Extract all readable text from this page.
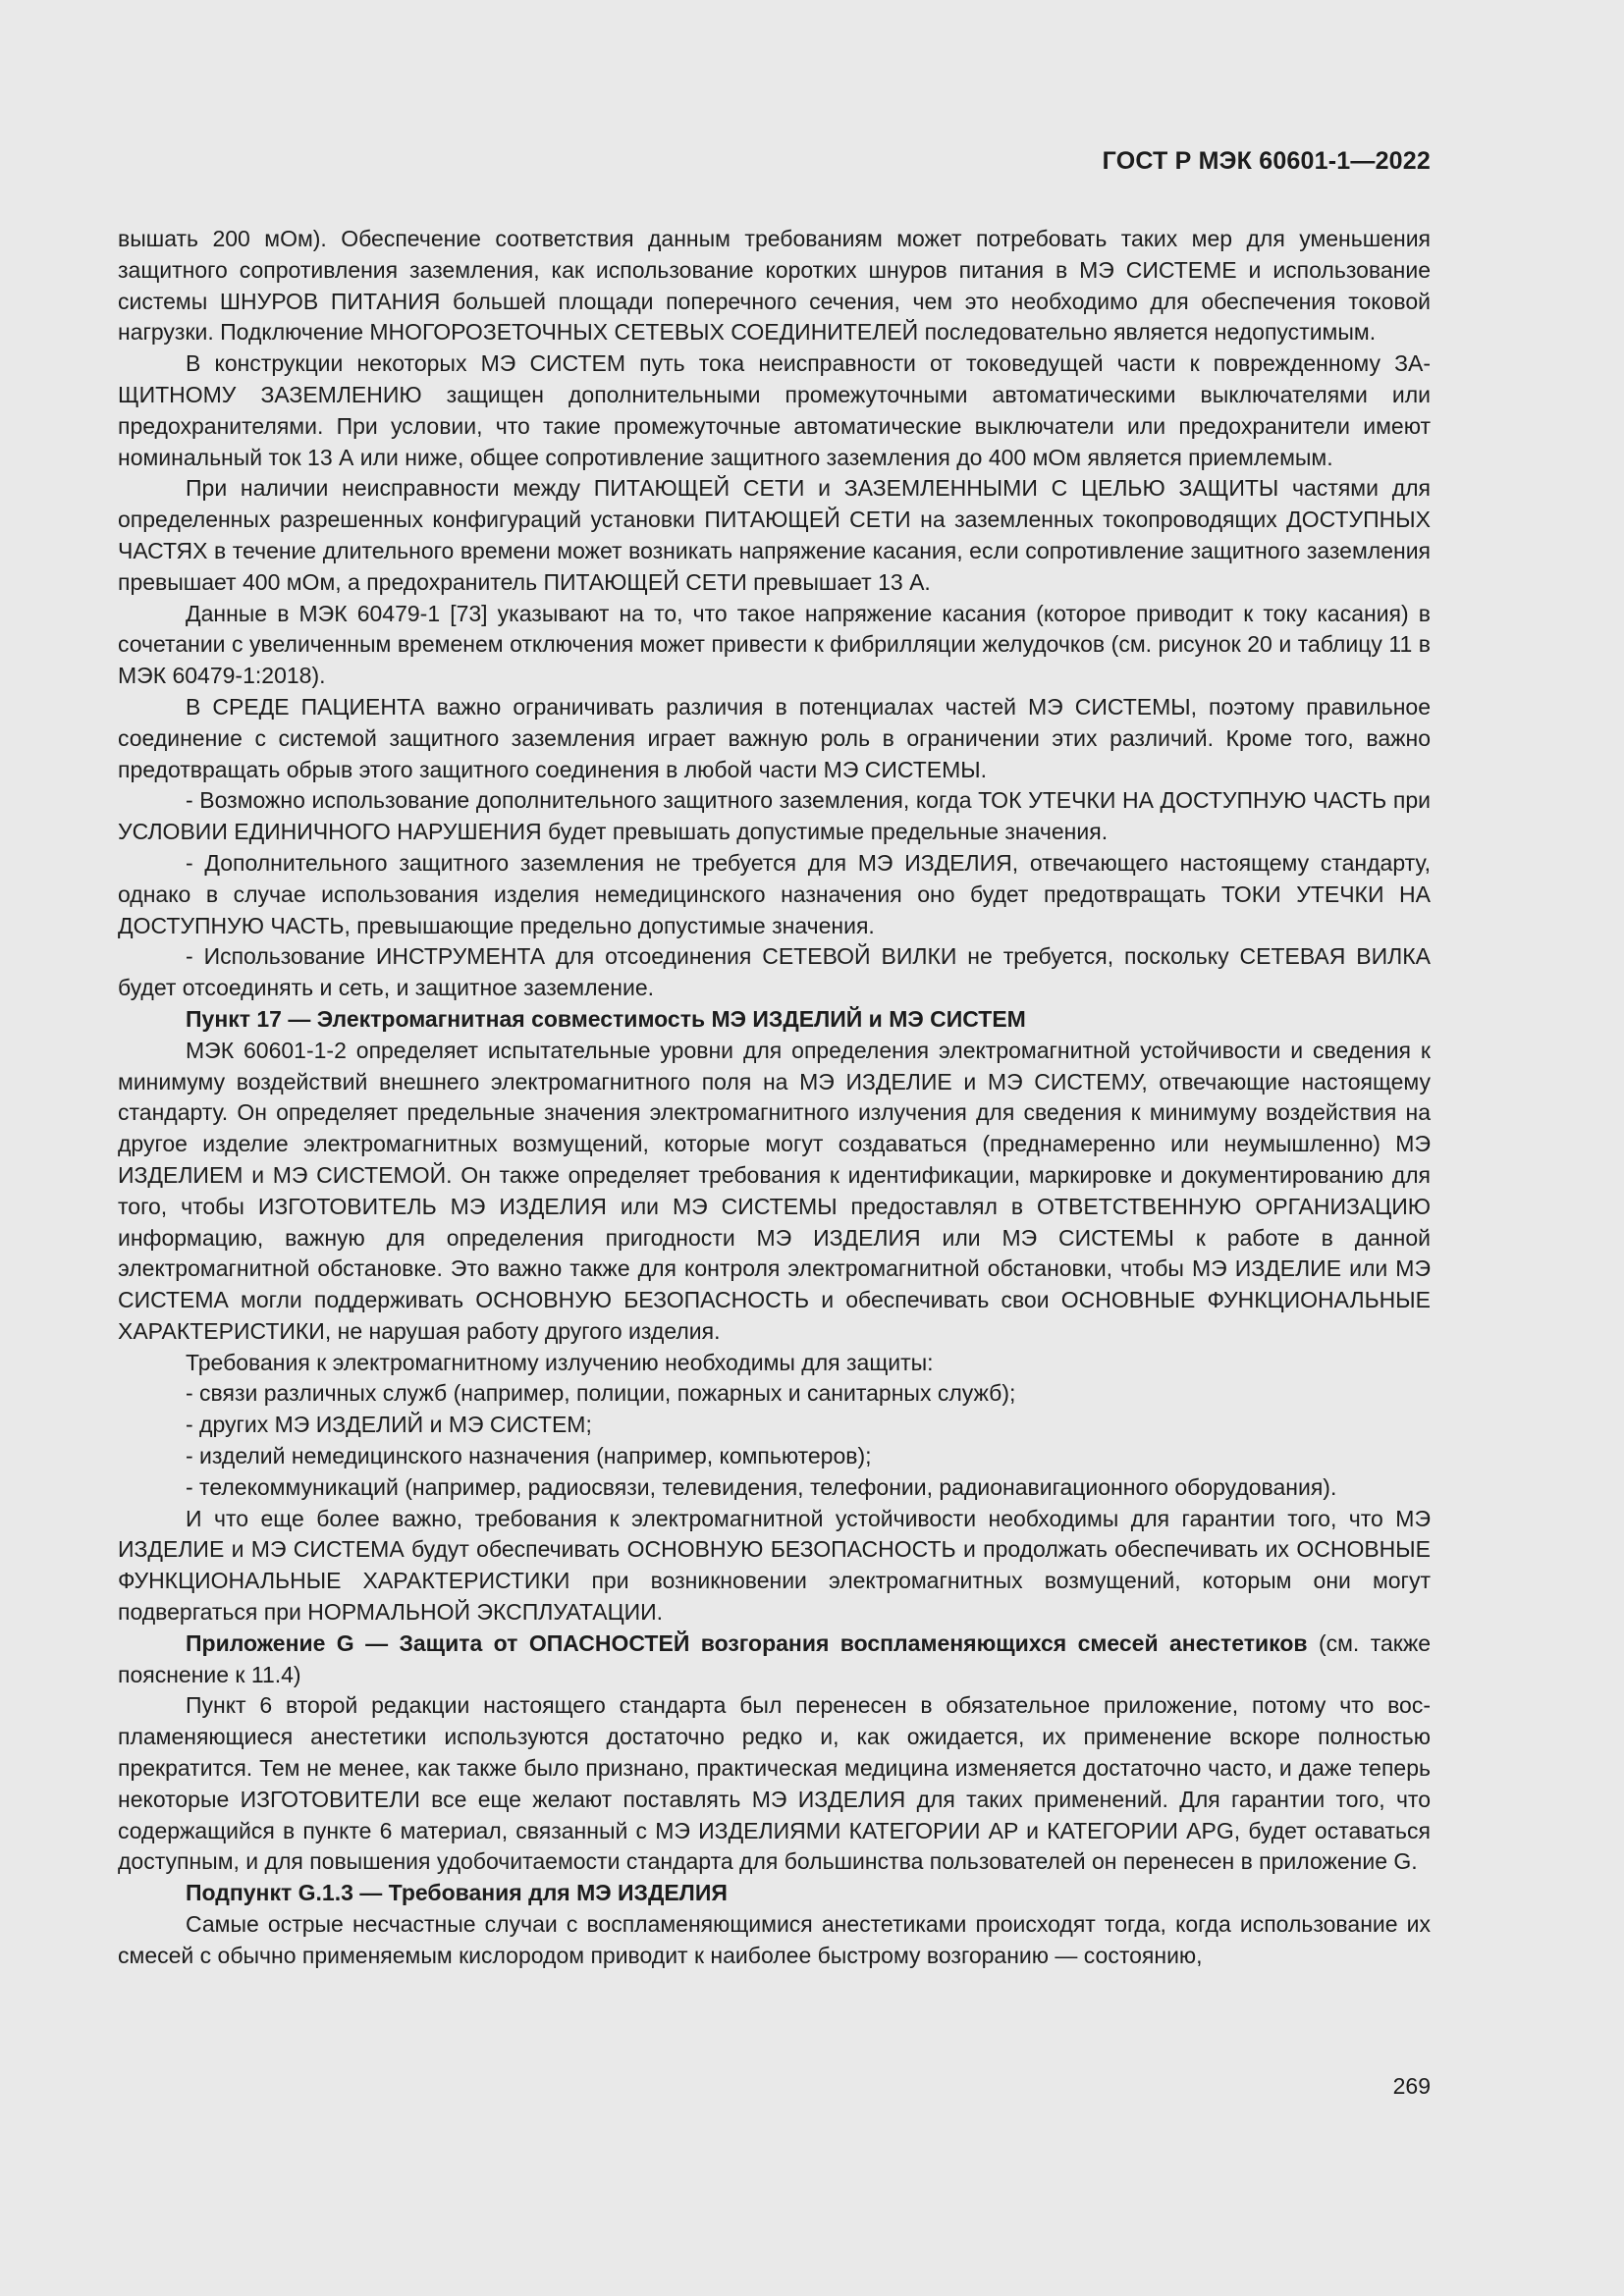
ГОСТ Р МЭК 60601-1—2022

вышать 200 мОм). Обеспечение соответствия данным требованиям может потребовать таких мер для уменьшения защитного сопротивления заземления, как использование коротких шнуров питания в МЭ СИСТЕМЕ и использование системы ШНУРОВ ПИТАНИЯ большей площади поперечного сечения, чем это необходимо для обеспечения токовой нагрузки. Подключение МНОГОРОЗЕТОЧНЫХ СЕТЕВЫХ СОЕДИНИТЕЛЕЙ последовательно является недопустимым.

В конструкции некоторых МЭ СИСТЕМ путь тока неисправности от токоведущей части к поврежденному ЗАЩИТНОМУ ЗАЗЕМЛЕНИЮ защищен дополнительными промежуточными автоматическими выключателями или предохранителями. При условии, что такие промежуточные автоматические выключатели или предохранители имеют номинальный ток 13 А или ниже, общее сопротивление защитного заземления до 400 мОм является приемлемым.

При наличии неисправности между ПИТАЮЩЕЙ СЕТИ и ЗАЗЕМЛЕННЫМИ С ЦЕЛЬЮ ЗАЩИТЫ частями для определенных разрешенных конфигураций установки ПИТАЮЩЕЙ СЕТИ на заземленных токопроводящих ДОСТУПНЫХ ЧАСТЯХ в течение длительного времени может возникать напряжение касания, если сопротивление защитного заземления превышает 400 мОм, а предохранитель ПИТАЮЩЕЙ СЕТИ превышает 13 А.

Данные в МЭК 60479-1 [73] указывают на то, что такое напряжение касания (которое приводит к току касания) в сочетании с увеличенным временем отключения может привести к фибрилляции желудочков (см. рисунок 20 и таблицу 11 в МЭК 60479-1:2018).

В СРЕДЕ ПАЦИЕНТА важно ограничивать различия в потенциалах частей МЭ СИСТЕМЫ, поэтому правильное соединение с системой защитного заземления играет важную роль в ограничении этих различий. Кроме того, важно предотвращать обрыв этого защитного соединения в любой части МЭ СИСТЕМЫ.

- Возможно использование дополнительного защитного заземления, когда ТОК УТЕЧКИ НА ДОСТУПНУЮ ЧАСТЬ при УСЛОВИИ ЕДИНИЧНОГО НАРУШЕНИЯ будет превышать допустимые предельные значения.

- Дополнительного защитного заземления не требуется для МЭ ИЗДЕЛИЯ, отвечающего настоящему стандарту, однако в случае использования изделия немедицинского назначения оно будет предотвращать ТОКИ УТЕЧКИ НА ДОСТУПНУЮ ЧАСТЬ, превышающие предельно допустимые значения.

- Использование ИНСТРУМЕНТА для отсоединения СЕТЕВОЙ ВИЛКИ не требуется, поскольку СЕТЕВАЯ ВИЛКА будет отсоединять и сеть, и защитное заземление.

Пункт 17 — Электромагнитная совместимость МЭ ИЗДЕЛИЙ и МЭ СИСТЕМ

МЭК 60601-1-2 определяет испытательные уровни для определения электромагнитной устойчивости и сведения к минимуму воздействий внешнего электромагнитного поля на МЭ ИЗДЕЛИЕ и МЭ СИСТЕМУ, отвечающие настоящему стандарту. Он определяет предельные значения электромагнитного излучения для сведения к минимуму воздействия на другое изделие электромагнитных возмущений, которые могут создаваться (преднамеренно или неумышленно) МЭ ИЗДЕЛИЕМ и МЭ СИСТЕМОЙ. Он также определяет требования к идентификации, маркировке и документированию для того, чтобы ИЗГОТОВИТЕЛЬ МЭ ИЗДЕЛИЯ или МЭ СИСТЕМЫ предоставлял в ОТВЕТСТВЕННУЮ ОРГАНИЗАЦИЮ информацию, важную для определения пригодности МЭ ИЗДЕЛИЯ или МЭ СИСТЕМЫ к работе в данной электромагнитной обстановке. Это важно также для контроля электромагнитной обстановки, чтобы МЭ ИЗДЕЛИЕ или МЭ СИСТЕМА могли поддерживать ОСНОВНУЮ БЕЗОПАСНОСТЬ и обеспечивать свои ОСНОВНЫЕ ФУНКЦИОНАЛЬНЫЕ ХАРАКТЕРИСТИКИ, не нарушая работу другого изделия.

Требования к электромагнитному излучению необходимы для защиты:

- связи различных служб (например, полиции, пожарных и санитарных служб);

- других МЭ ИЗДЕЛИЙ и МЭ СИСТЕМ;

- изделий немедицинского назначения (например, компьютеров);

- телекоммуникаций (например, радиосвязи, телевидения, телефонии, радионавигационного оборудования).

И что еще более важно, требования к электромагнитной устойчивости необходимы для гарантии того, что МЭ ИЗДЕЛИЕ и МЭ СИСТЕМА будут обеспечивать ОСНОВНУЮ БЕЗОПАСНОСТЬ и продолжать обеспечивать их ОСНОВНЫЕ ФУНКЦИОНАЛЬНЫЕ ХАРАКТЕРИСТИКИ при возникновении электромагнитных возмущений, которым они могут подвергаться при НОРМАЛЬНОЙ ЭКСПЛУАТАЦИИ.

Приложение G — Защита от ОПАСНОСТЕЙ возгорания воспламеняющихся смесей анестетиков (см. также пояснение к 11.4)

Пункт 6 второй редакции настоящего стандарта был перенесен в обязательное приложение, потому что воспламеняющиеся анестетики используются достаточно редко и, как ожидается, их применение вскоре полностью прекратится. Тем не менее, как также было признано, практическая медицина изменяется достаточно часто, и даже теперь некоторые ИЗГОТОВИТЕЛИ все еще желают поставлять МЭ ИЗДЕЛИЯ для таких применений. Для гарантии того, что содержащийся в пункте 6 материал, связанный с МЭ ИЗДЕЛИЯМИ КАТЕГОРИИ AP и КАТЕГОРИИ APG, будет оставаться доступным, и для повышения удобочитаемости стандарта для большинства пользователей он перенесен в приложение G.

Подпункт G.1.3 — Требования для МЭ ИЗДЕЛИЯ

Самые острые несчастные случаи с воспламеняющимися анестетиками происходят тогда, когда использование их смесей с обычно применяемым кислородом приводит к наиболее быстрому возгоранию — состоянию,

269
